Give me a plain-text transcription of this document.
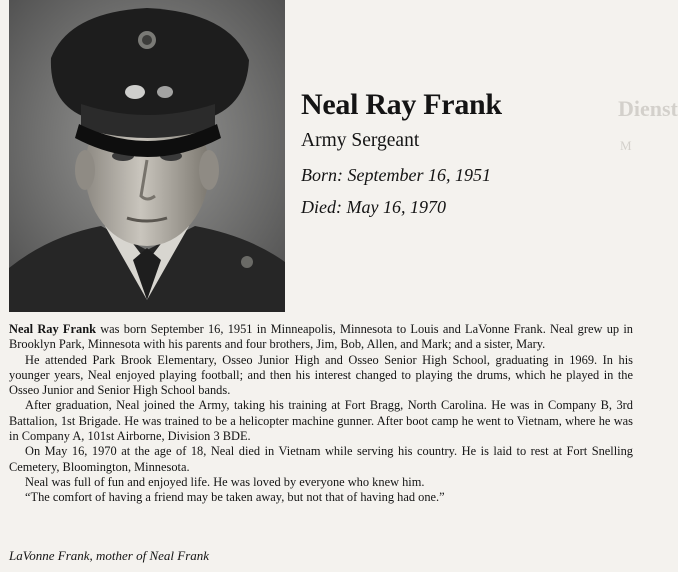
Dienst
M
Neal Ray Frank
Army Sergeant
Born: September 16, 1951
Died: May 16, 1970

Neal Ray Frank was born September 16, 1951 in Minneapolis, Minnesota to Louis and LaVonne Frank. Neal grew up in Brooklyn Park, Minnesota with his parents and four brothers, Jim, Bob, Allen, and Mark; and a sister, Mary.

He attended Park Brook Elementary, Osseo Junior High and Osseo Senior High School, graduating in 1969. In his younger years, Neal enjoyed playing football; and then his interest changed to playing the drums, which he played in the Osseo Junior and Senior High School bands.

After graduation, Neal joined the Army, taking his training at Fort Bragg, North Carolina. He was in Company B, 3rd Battalion, 1st Brigade. He was trained to be a helicopter machine gunner. After boot camp he went to Vietnam, where he was in Company A, 101st Airborne, Division 3 BDE.

On May 16, 1970 at the age of 18, Neal died in Vietnam while serving his country. He is laid to rest at Fort Snelling Cemetery, Bloomington, Minnesota.

Neal was full of fun and enjoyed life. He was loved by everyone who knew him.

“The comfort of having a friend may be taken away, but not that of having had one.”

LaVonne Frank, mother of Neal Frank
